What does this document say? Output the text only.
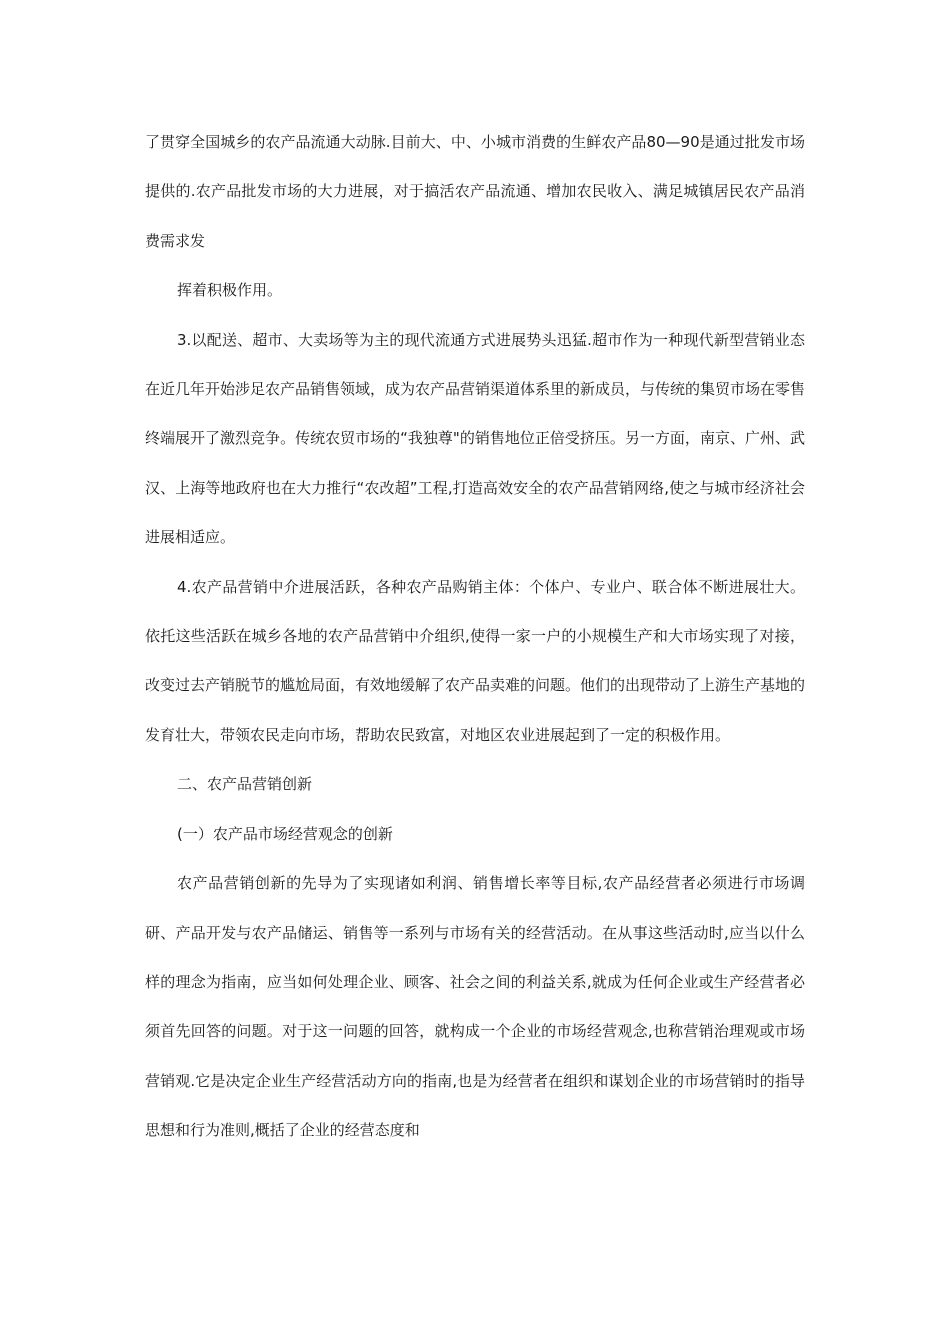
了贯穿全国城乡的农产品流通大动脉.目前大、中、小城市消费的生鲜农产品80—90是通过批发市场提供的.农产品批发市场的大力进展，对于搞活农产品流通、增加农民收入、满足城镇居民农产品消费需求发

挥着积极作用。

3.以配送、超市、大卖场等为主的现代流通方式进展势头迅猛.超市作为一种现代新型营销业态在近几年开始涉足农产品销售领域，成为农产品营销渠道体系里的新成员，与传统的集贸市场在零售终端展开了激烈竞争。传统农贸市场的“我独尊"的销售地位正倍受挤压。另一方面，南京、广州、武汉、上海等地政府也在大力推行“农改超”工程,打造高效安全的农产品营销网络,使之与城市经济社会进展相适应。

4.农产品营销中介进展活跃，各种农产品购销主体：个体户、专业户、联合体不断进展壮大。依托这些活跃在城乡各地的农产品营销中介组织,使得一家一户的小规模生产和大市场实现了对接，改变过去产销脱节的尴尬局面，有效地缓解了农产品卖难的问题。他们的出现带动了上游生产基地的发育壮大，带领农民走向市场，帮助农民致富，对地区农业进展起到了一定的积极作用。

二、农产品营销创新

(一）农产品市场经营观念的创新

农产品营销创新的先导为了实现诸如利润、销售增长率等目标,农产品经营者必须进行市场调研、产品开发与农产品储运、销售等一系列与市场有关的经营活动。在从事这些活动时,应当以什么样的理念为指南，应当如何处理企业、顾客、社会之间的利益关系,就成为任何企业或生产经营者必须首先回答的问题。对于这一问题的回答，就构成一个企业的市场经营观念,也称营销治理观或市场营销观.它是决定企业生产经营活动方向的指南,也是为经营者在组织和谋划企业的市场营销时的指导思想和行为准则,概括了企业的经营态度和
